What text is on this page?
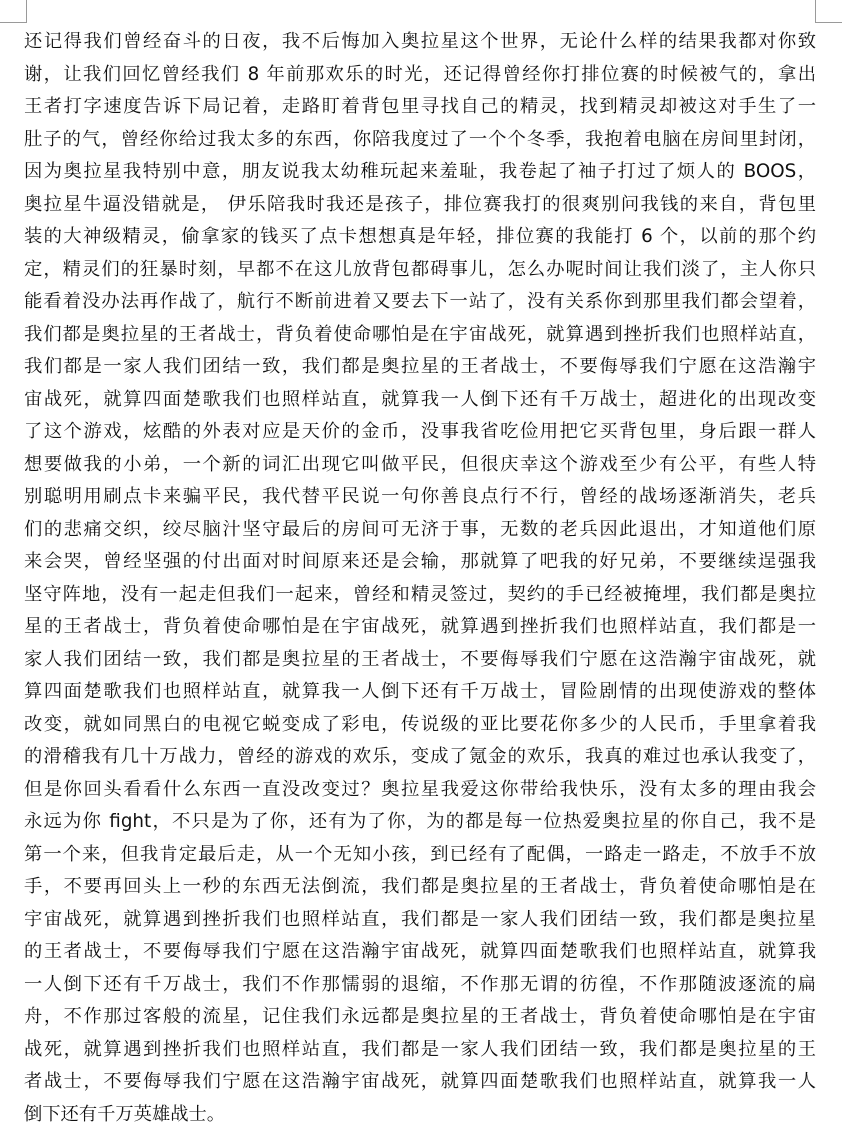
还记得我们曾经奋斗的日夜，我不后悔加入奥拉星这个世界，无论什么样的结果我都对你致
谢，让我们回忆曾经我们 8 年前那欢乐的时光，还记得曾经你打排位赛的时候被气的，拿出
王者打字速度告诉下局记着，走路盯着背包里寻找自己的精灵，找到精灵却被这对手生了一
肚子的气，曾经你给过我太多的东西，你陪我度过了一个个冬季，我抱着电脑在房间里封闭，
因为奥拉星我特别中意，朋友说我太幼稚玩起来羞耻，我卷起了袖子打过了烦人的 BOOS，
奥拉星牛逼没错就是， 伊乐陪我时我还是孩子，排位赛我打的很爽别问我钱的来自，背包里
装的大神级精灵，偷拿家的钱买了点卡想想真是年轻，排位赛的我能打 6 个，以前的那个约
定，精灵们的狂暴时刻，早都不在这儿放背包都碍事儿，怎么办呢时间让我们淡了，主人你只
能看着没办法再作战了，航行不断前进着又要去下一站了，没有关系你到那里我们都会望着，
我们都是奥拉星的王者战士，背负着使命哪怕是在宇宙战死，就算遇到挫折我们也照样站直，
我们都是一家人我们团结一致，我们都是奥拉星的王者战士，不要侮辱我们宁愿在这浩瀚宇
宙战死，就算四面楚歌我们也照样站直，就算我一人倒下还有千万战士，超进化的出现改变
了这个游戏，炫酷的外表对应是天价的金币，没事我省吃俭用把它买背包里，身后跟一群人
想要做我的小弟，一个新的词汇出现它叫做平民，但很庆幸这个游戏至少有公平，有些人特
别聪明用刷点卡来骗平民，我代替平民说一句你善良点行不行，曾经的战场逐渐消失，老兵
们的悲痛交织，绞尽脑汁坚守最后的房间可无济于事，无数的老兵因此退出，才知道他们原
来会哭，曾经坚强的付出面对时间原来还是会输，那就算了吧我的好兄弟，不要继续逞强我
坚守阵地，没有一起走但我们一起来，曾经和精灵签过，契约的手已经被掩埋，我们都是奥拉
星的王者战士，背负着使命哪怕是在宇宙战死，就算遇到挫折我们也照样站直，我们都是一
家人我们团结一致，我们都是奥拉星的王者战士，不要侮辱我们宁愿在这浩瀚宇宙战死，就
算四面楚歌我们也照样站直，就算我一人倒下还有千万战士，冒险剧情的出现使游戏的整体
改变，就如同黑白的电视它蜕变成了彩电，传说级的亚比要花你多少的人民币，手里拿着我
的滑稽我有几十万战力，曾经的游戏的欢乐，变成了氪金的欢乐，我真的难过也承认我变了，
但是你回头看看什么东西一直没改变过？奥拉星我爱这你带给我快乐，没有太多的理由我会
永远为你 fight，不只是为了你，还有为了你，为的都是每一位热爱奥拉星的你自己，我不是
第一个来，但我肯定最后走，从一个无知小孩，到已经有了配偶，一路走一路走，不放手不放
手，不要再回头上一秒的东西无法倒流，我们都是奥拉星的王者战士，背负着使命哪怕是在
宇宙战死，就算遇到挫折我们也照样站直，我们都是一家人我们团结一致，我们都是奥拉星
的王者战士，不要侮辱我们宁愿在这浩瀚宇宙战死，就算四面楚歌我们也照样站直，就算我
一人倒下还有千万战士，我们不作那懦弱的退缩，不作那无谓的彷徨，不作那随波逐流的扁
舟，不作那过客般的流星，记住我们永远都是奥拉星的王者战士，背负着使命哪怕是在宇宙
战死，就算遇到挫折我们也照样站直，我们都是一家人我们团结一致，我们都是奥拉星的王
者战士，不要侮辱我们宁愿在这浩瀚宇宙战死，就算四面楚歌我们也照样站直，就算我一人
倒下还有千万英雄战士。
